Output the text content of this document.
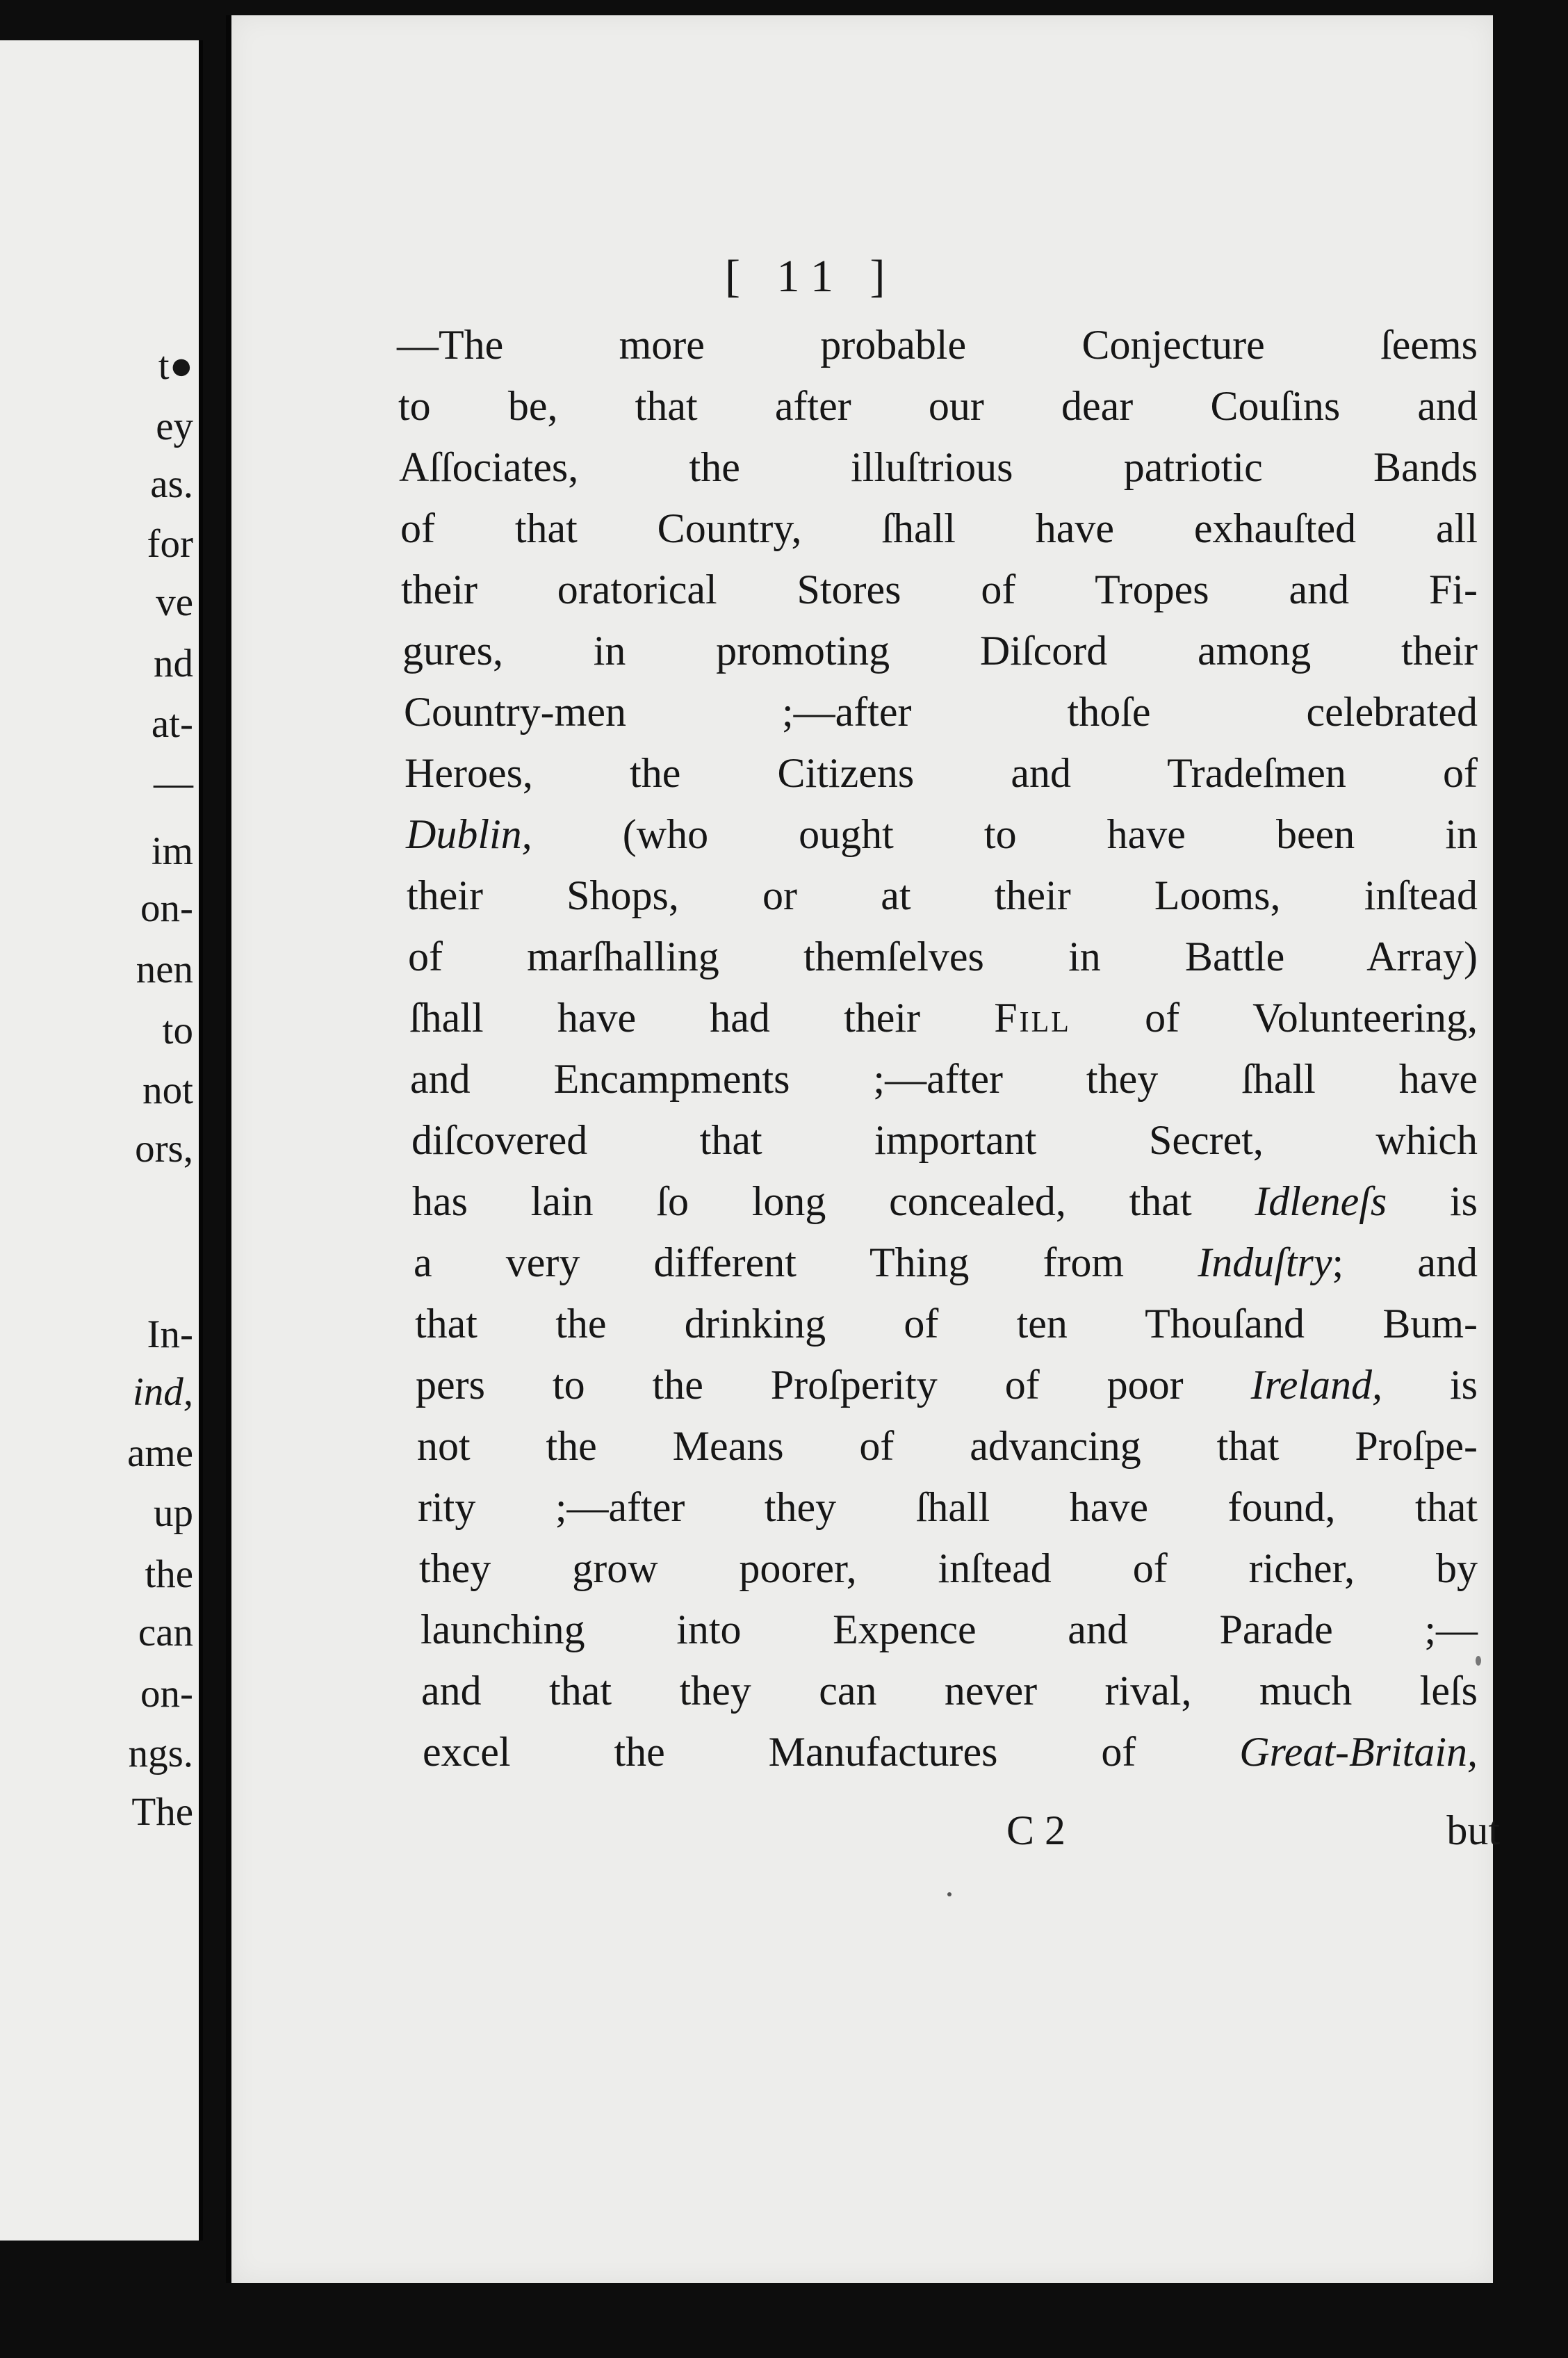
t●
ey
as.
for
ve
nd
at-
—
im
on-
nen
to
not
ors,
In-
ind,
ame
up
the
can
on-
ngs.
The
[ 11 ]
—The more probable Conjecture ſeems
to be, that after our dear Couſins and
Aſſociates, the illuſtrious patriotic Bands
of that Country, ſhall have exhauſted all
their oratorical Stores of Tropes and Fi-
gures, in promoting Diſcord among their
Country-men ;—after thoſe celebrated
Heroes, the Citizens and Tradeſmen of
Dublin, (who ought to have been in
their Shops, or at their Looms, inſtead
of marſhalling themſelves in Battle Array)
ſhall have had their Fill of Volunteering,
and Encampments ;—after they ſhall have
diſcovered that important Secret, which
has lain ſo long concealed, that Idleneſs is
a very different Thing from Induſtry; and
that the drinking of ten Thouſand Bum-
pers to the Proſperity of poor Ireland, is
not the Means of advancing that Proſpe-
rity ;—after they ſhall have found, that
they grow poorer, inſtead of richer, by
launching into Expence and Parade ;—
and that they can never rival, much leſs
excel the Manufactures of Great-Britain,
C 2	but
